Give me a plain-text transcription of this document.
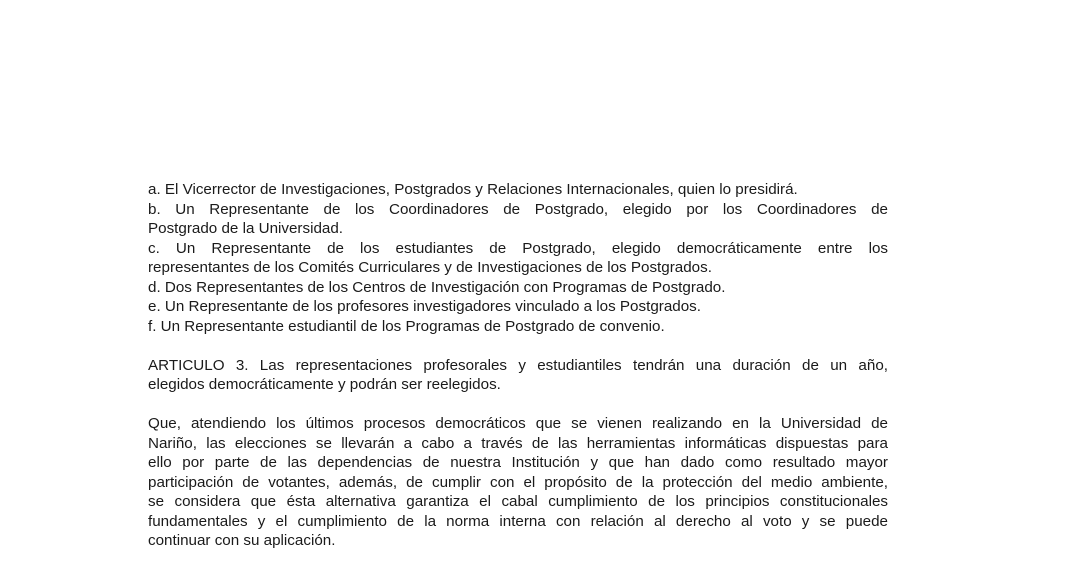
a. El Vicerrector de Investigaciones, Postgrados y Relaciones Internacionales, quien lo presidirá.
b. Un Representante de los Coordinadores de Postgrado, elegido por los Coordinadores de
Postgrado de la Universidad.
c. Un Representante de los estudiantes de Postgrado, elegido democráticamente entre los
representantes de los Comités Curriculares y de Investigaciones de los Postgrados.
d. Dos Representantes de los Centros de Investigación con Programas de Postgrado.
e. Un Representante de los profesores investigadores vinculado a los Postgrados.
f. Un Representante estudiantil de los Programas de Postgrado de convenio.
ARTICULO 3. Las representaciones profesorales y estudiantiles tendrán una duración de un año,
elegidos democráticamente y podrán ser reelegidos.
Que, atendiendo los últimos procesos democráticos que se vienen realizando en la Universidad de
Nariño, las elecciones se llevarán a cabo a través de las herramientas informáticas dispuestas para
ello por parte de las dependencias de nuestra Institución y que han dado como resultado mayor
participación de votantes, además, de cumplir con el propósito de la protección del medio ambiente,
se considera que ésta alternativa garantiza el cabal cumplimiento de los principios constitucionales
fundamentales y el cumplimiento de la norma interna con relación al derecho al voto y se puede
continuar con su aplicación.
